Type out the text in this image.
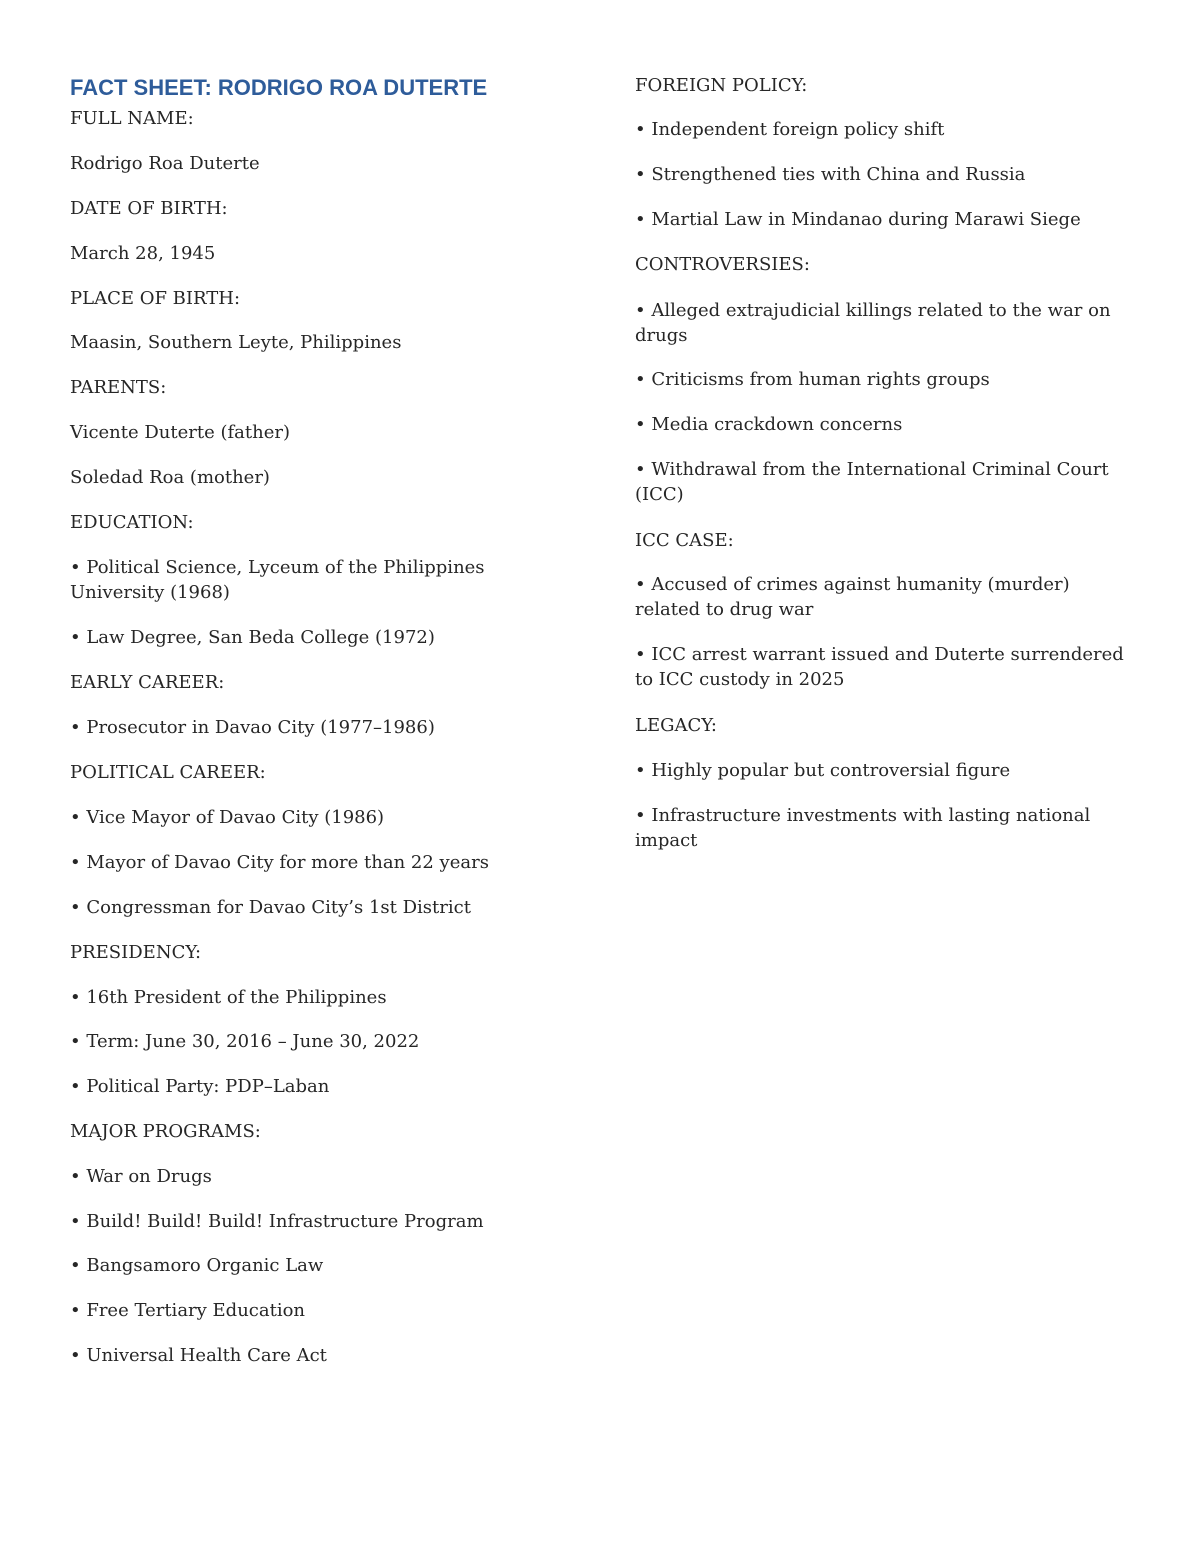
FACT SHEET: RODRIGO ROA DUTERTE

FULL NAME:

Rodrigo Roa Duterte

DATE OF BIRTH:

March 28, 1945

PLACE OF BIRTH:

Maasin, Southern Leyte, Philippines

PARENTS:

Vicente Duterte (father)

Soledad Roa (mother)

EDUCATION:

• Political Science, Lyceum of the Philippines University (1968)

• Law Degree, San Beda College (1972)

EARLY CAREER:

• Prosecutor in Davao City (1977–1986)

POLITICAL CAREER:

• Vice Mayor of Davao City (1986)

• Mayor of Davao City for more than 22 years

• Congressman for Davao City’s 1st District

PRESIDENCY:

• 16th President of the Philippines

• Term: June 30, 2016 – June 30, 2022

• Political Party: PDP–Laban

MAJOR PROGRAMS:

• War on Drugs

• Build! Build! Build! Infrastructure Program

• Bangsamoro Organic Law

• Free Tertiary Education

• Universal Health Care Act

FOREIGN POLICY:

• Independent foreign policy shift

• Strengthened ties with China and Russia

• Martial Law in Mindanao during Marawi Siege

CONTROVERSIES:

• Alleged extrajudicial killings related to the war on drugs

• Criticisms from human rights groups

• Media crackdown concerns

• Withdrawal from the International Criminal Court (ICC)

ICC CASE:

• Accused of crimes against humanity (murder) related to drug war

• ICC arrest warrant issued and Duterte surrendered to ICC custody in 2025

LEGACY:

• Highly popular but controversial figure

• Infrastructure investments with lasting national impact
